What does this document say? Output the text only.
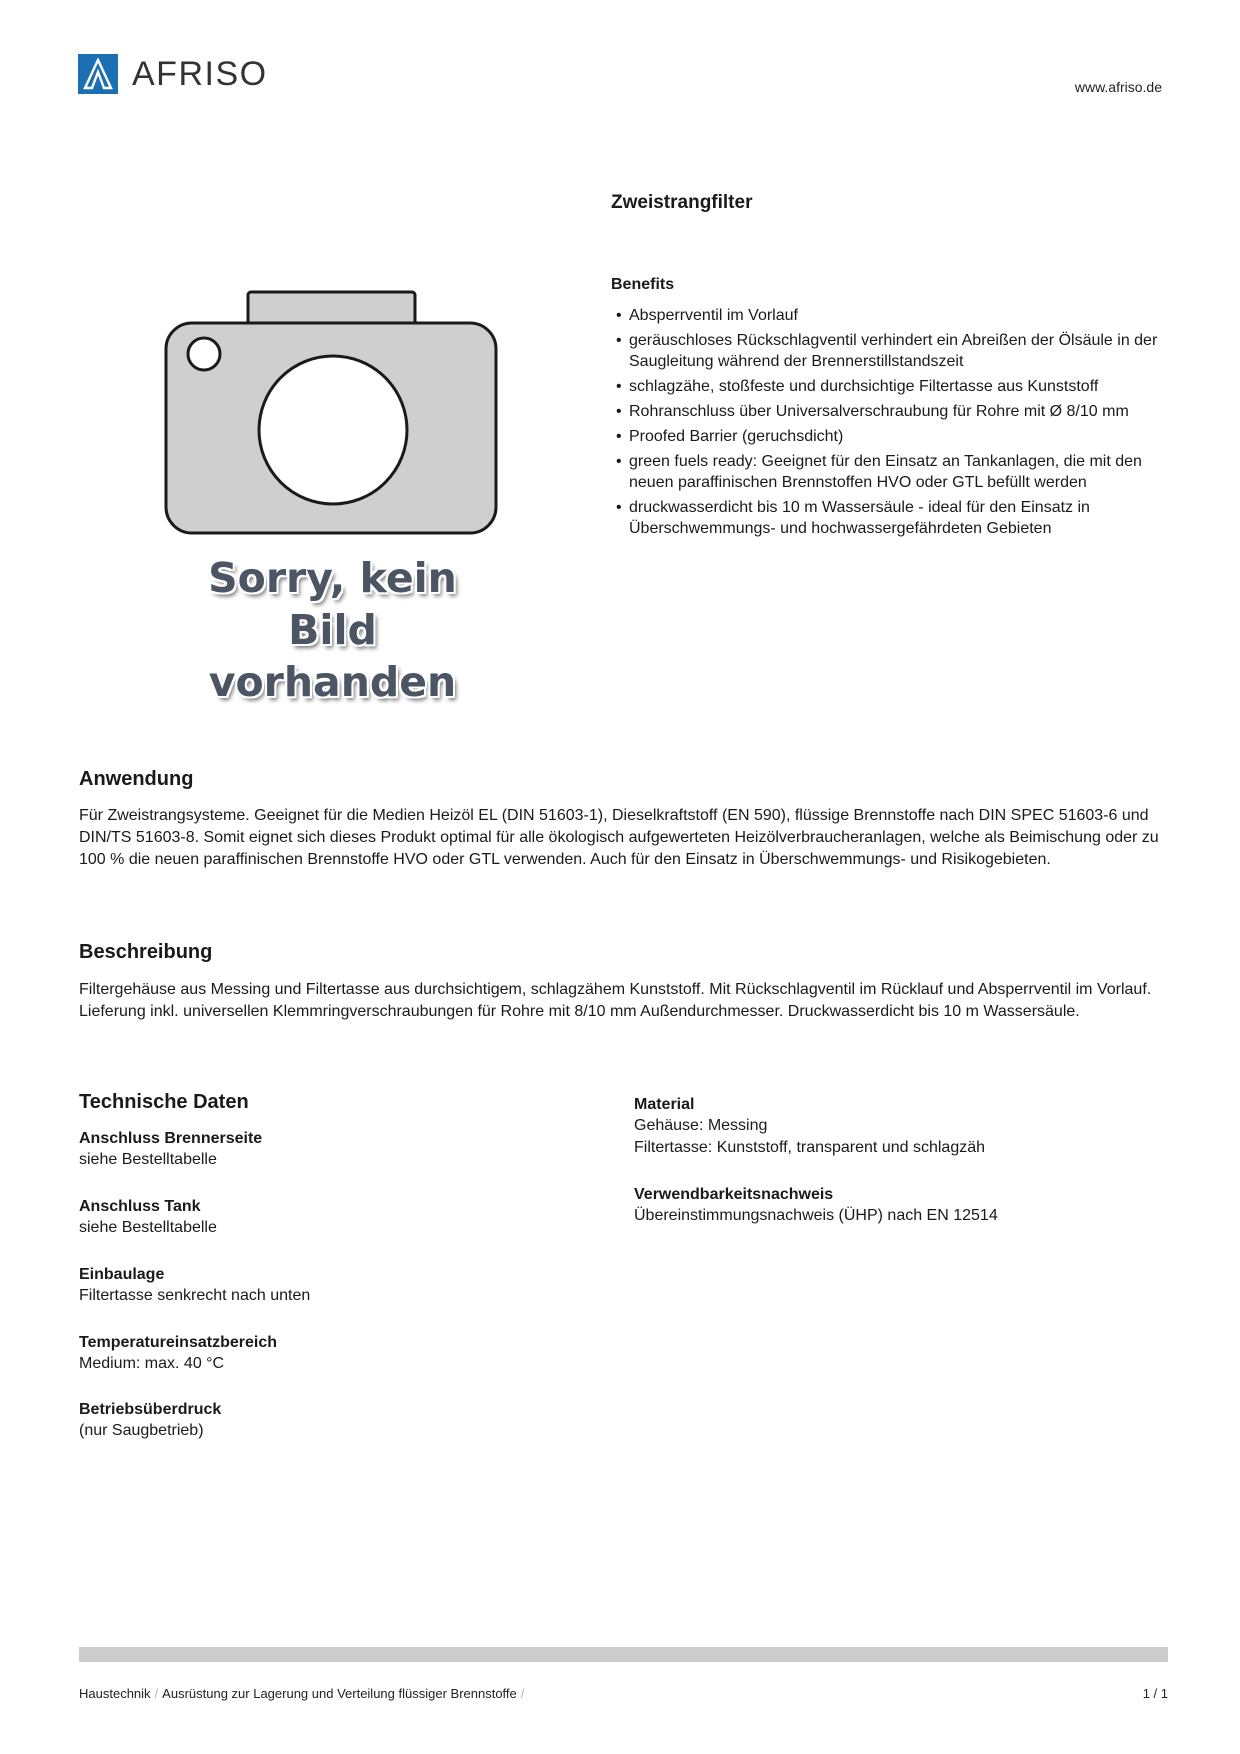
AFRISO	www.afriso.de
Sorry, kein Bild vorhanden
Zweistrangfilter
Benefits
• Absperrventil im Vorlauf
• geräuschloses Rückschlagventil verhindert ein Abreißen der Ölsäule in der Saugleitung während der Brennerstillstandszeit
• schlagzähe, stoßfeste und durchsichtige Filtertasse aus Kunststoff
• Rohranschluss über Universalverschraubung für Rohre mit Ø 8/10 mm
• Proofed Barrier (geruchsdicht)
• green fuels ready: Geeignet für den Einsatz an Tankanlagen, die mit den neuen paraffinischen Brennstoffen HVO oder GTL befüllt werden
• druckwasserdicht bis 10 m Wassersäule - ideal für den Einsatz in Überschwemmungs- und hochwassergefährdeten Gebieten
Anwendung
Für Zweistrangsysteme. Geeignet für die Medien Heizöl EL (DIN 51603-1), Dieselkraftstoff (EN 590), flüssige Brennstoffe nach DIN SPEC 51603-6 und DIN/TS 51603-8. Somit eignet sich dieses Produkt optimal für alle ökologisch aufgewerteten Heizölverbraucheranlagen, welche als Beimischung oder zu 100 % die neuen paraffinischen Brennstoffe HVO oder GTL verwenden. Auch für den Einsatz in Überschwemmungs- und Risikogebieten.
Beschreibung
Filtergehäuse aus Messing und Filtertasse aus durchsichtigem, schlagzähem Kunststoff. Mit Rückschlagventil im Rücklauf und Absperrventil im Vorlauf. Lieferung inkl. universellen Klemmringverschraubungen für Rohre mit 8/10 mm Außendurchmesser. Druckwasserdicht bis 10 m Wassersäule.
Technische Daten
Anschluss Brennerseite
siehe Bestelltabelle
Anschluss Tank
siehe Bestelltabelle
Einbaulage
Filtertasse senkrecht nach unten
Temperatureinsatzbereich
Medium: max. 40 °C
Betriebsüberdruck
(nur Saugbetrieb)
Material
Gehäuse: Messing
Filtertasse: Kunststoff, transparent und schlagzäh
Verwendbarkeitsnachweis
Übereinstimmungsnachweis (ÜHP) nach EN 12514
Haustechnik / Ausrüstung zur Lagerung und Verteilung flüssiger Brennstoffe /	1 / 1
